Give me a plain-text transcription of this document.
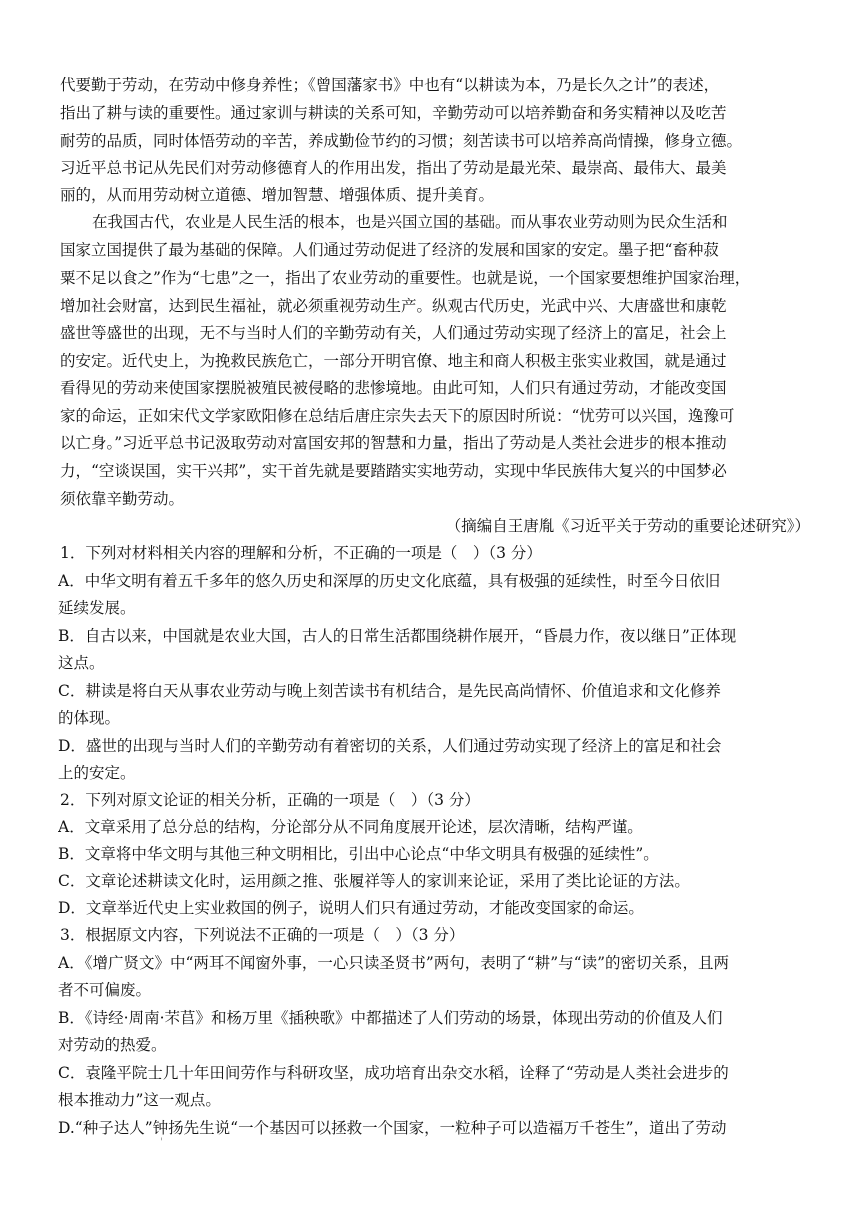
代要勤于劳动，在劳动中修身养性；《曾国藩家书》中也有“以耕读为本，乃是长久之计”的表述，
指出了耕与读的重要性。通过家训与耕读的关系可知，辛勤劳动可以培养勤奋和务实精神以及吃苦
耐劳的品质，同时体悟劳动的辛苦，养成勤俭节约的习惯；刻苦读书可以培养高尚情操，修身立德。
习近平总书记从先民们对劳动修德育人的作用出发，指出了劳动是最光荣、最崇高、最伟大、最美
丽的，从而用劳动树立道德、增加智慧、增强体质、提升美育。
在我国古代，农业是人民生活的根本，也是兴国立国的基础。而从事农业劳动则为民众生活和
国家立国提供了最为基础的保障。人们通过劳动促进了经济的发展和国家的安定。墨子把“畜种菽
粟不足以食之”作为“七患”之一，指出了农业劳动的重要性。也就是说，一个国家要想维护国家治理，
增加社会财富，达到民生福祉，就必须重视劳动生产。纵观古代历史，光武中兴、大唐盛世和康乾
盛世等盛世的出现，无不与当时人们的辛勤劳动有关，人们通过劳动实现了经济上的富足，社会上
的安定。近代史上，为挽救民族危亡，一部分开明官僚、地主和商人积极主张实业救国，就是通过
看得见的劳动来使国家摆脱被殖民被侵略的悲惨境地。由此可知，人们只有通过劳动，才能改变国
家的命运，正如宋代文学家欧阳修在总结后唐庄宗失去天下的原因时所说：“忧劳可以兴国，逸豫可
以亡身。”习近平总书记汲取劳动对富国安邦的智慧和力量，指出了劳动是人类社会进步的根本推动
力，“空谈误国，实干兴邦”，实干首先就是要踏踏实实地劳动，实现中华民族伟大复兴的中国梦必
须依靠辛勤劳动。
（摘编自王唐胤《习近平关于劳动的重要论述研究》）
1．下列对材料相关内容的理解和分析，不正确的一项是（　）（3 分）
A．中华文明有着五千多年的悠久历史和深厚的历史文化底蕴，具有极强的延续性，时至今日依旧
延续发展。
B．自古以来，中国就是农业大国，古人的日常生活都围绕耕作展开，“昏晨力作，夜以继日”正体现
这点。
C．耕读是将白天从事农业劳动与晚上刻苦读书有机结合，是先民高尚情怀、价值追求和文化修养
的体现。
D．盛世的出现与当时人们的辛勤劳动有着密切的关系，人们通过劳动实现了经济上的富足和社会
上的安定。
2．下列对原文论证的相关分析，正确的一项是（　）（3 分）
A．文章采用了总分总的结构，分论部分从不同角度展开论述，层次清晰，结构严谨。
B．文章将中华文明与其他三种文明相比，引出中心论点“中华文明具有极强的延续性”。
C．文章论述耕读文化时，运用颜之推、张履祥等人的家训来论证，采用了类比论证的方法。
D．文章举近代史上实业救国的例子，说明人们只有通过劳动，才能改变国家的命运。
3．根据原文内容，下列说法不正确的一项是（　）（3 分）
A．《增广贤文》中“两耳不闻窗外事，一心只读圣贤书”两句，表明了“耕”与“读”的密切关系，且两
者不可偏废。
B．《诗经·周南·芣苢》和杨万里《插秧歌》中都描述了人们劳动的场景，体现出劳动的价值及人们
对劳动的热爱。
C．袁隆平院士几十年田间劳作与科研攻坚，成功培育出杂交水稻，诠释了“劳动是人类社会进步的
根本推动力”这一观点。
D.“种子达人”钟扬先生说“一个基因可以拯救一个国家，一粒种子可以造福万千苍生”，道出了劳动
'
